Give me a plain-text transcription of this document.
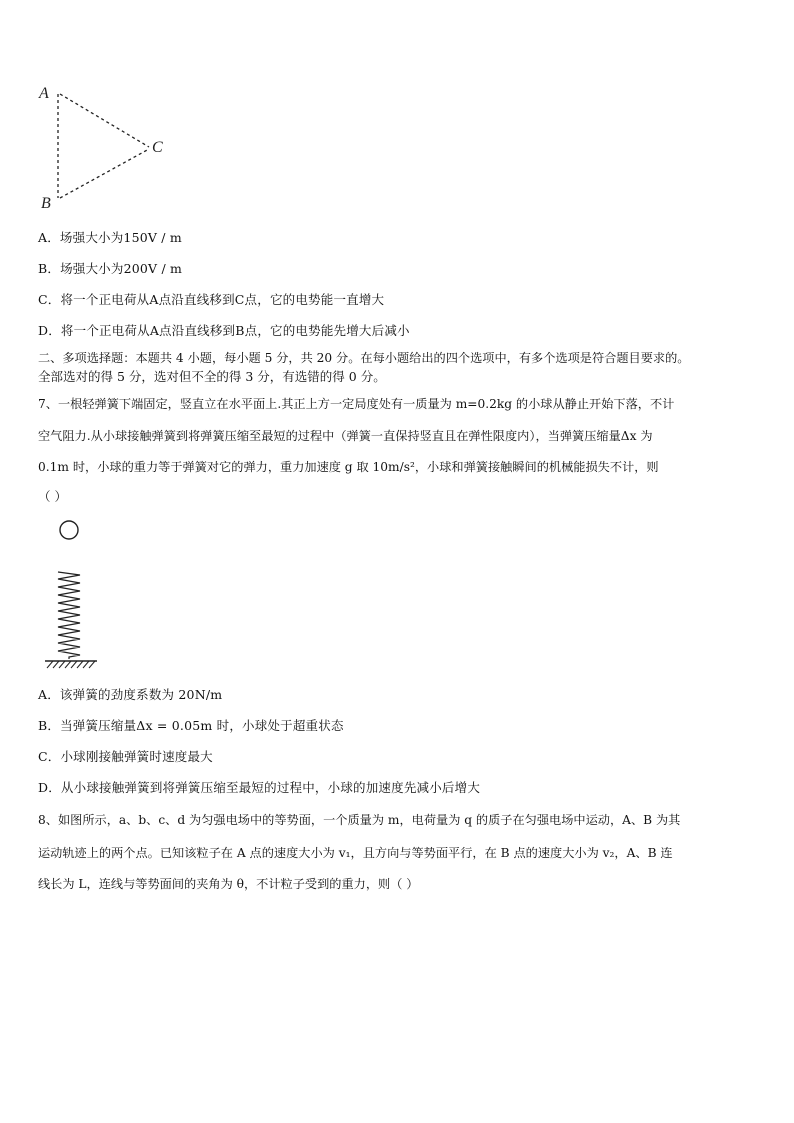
A
B
C
A．场强大小为150V / m
B．场强大小为200V / m
C．将一个正电荷从A点沿直线移到C点，它的电势能一直增大
D．将一个正电荷从A点沿直线移到B点，它的电势能先增大后减小
二、多项选择题：本题共 4 小题，每小题 5 分，共 20 分。在每小题给出的四个选项中，有多个选项是符合题目要求的。
全部选对的得 5 分，选对但不全的得 3 分，有选错的得 0 分。
7、一根轻弹簧下端固定，竖直立在水平面上.其正上方一定局度处有一质量为 m=0.2kg 的小球从静止开始下落，不计
空气阻力.从小球接触弹簧到将弹簧压缩至最短的过程中（弹簧一直保持竖直且在弹性限度内），当弹簧压缩量Δx 为
0.1m 时，小球的重力等于弹簧对它的弹力，重力加速度 g 取 10m/s²，小球和弹簧接触瞬间的机械能损失不计，则
（ ）
A．该弹簧的劲度系数为 20N/m
B．当弹簧压缩量Δx = 0.05m 时，小球处于超重状态
C．小球刚接触弹簧时速度最大
D．从小球接触弹簧到将弹簧压缩至最短的过程中，小球的加速度先减小后增大
8、如图所示，a、b、c、d 为匀强电场中的等势面，一个质量为 m，电荷量为 q 的质子在匀强电场中运动，A、B 为其
运动轨迹上的两个点。已知该粒子在 A 点的速度大小为 v₁，且方向与等势面平行，在 B 点的速度大小为 v₂，A、B 连
线长为 L，连线与等势面间的夹角为 θ，不计粒子受到的重力，则（ ）
